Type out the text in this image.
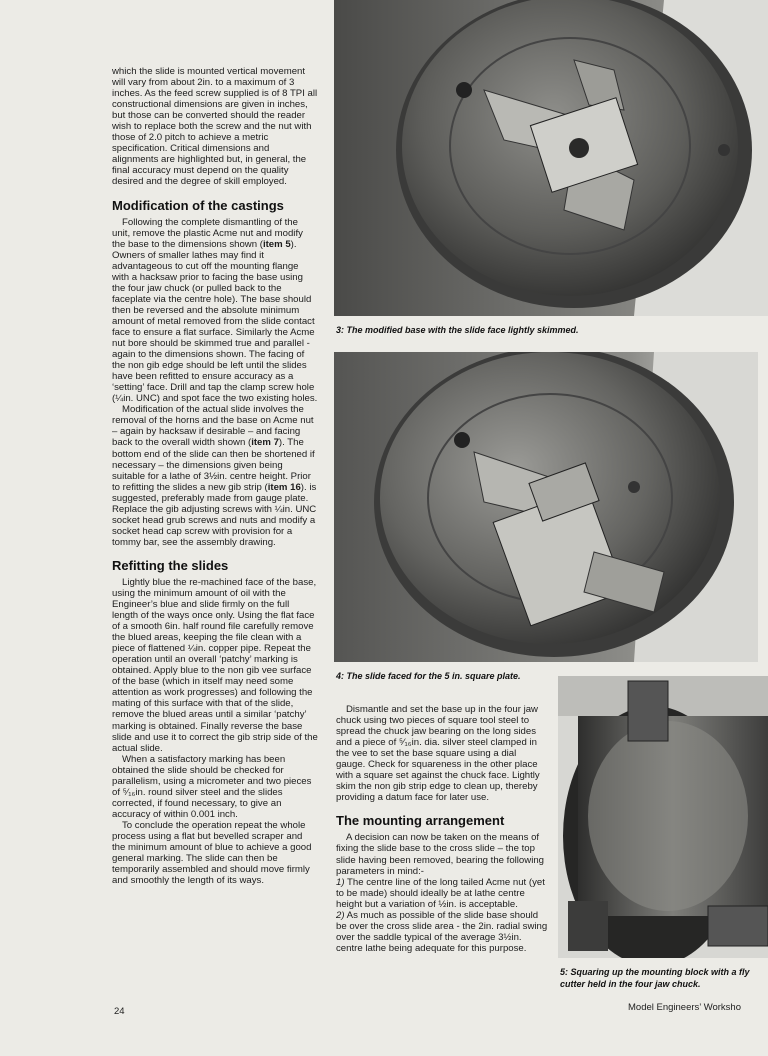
which the slide is mounted vertical movement will vary from about 2in. to a maximum of 3 inches. As the feed screw supplied is of 8 TPI all constructional dimensions are given in inches, but those can be converted should the reader wish to replace both the screw and the nut with those of 2.0 pitch to achieve a metric specification. Critical dimensions and alignments are highlighted but, in general, the final accuracy must depend on the quality desired and the degree of skill employed.

Modification of the castings

Following the complete dismantling of the unit, remove the plastic Acme nut and modify the base to the dimensions shown (item 5). Owners of smaller lathes may find it advantageous to cut off the mounting flange with a hacksaw prior to facing the base using the four jaw chuck (or pulled back to the faceplate via the centre hole). The base should then be reversed and the absolute minimum amount of metal removed from the slide contact face to ensure a flat surface. Similarly the Acme nut bore should be skimmed true and parallel - again to the dimensions shown. The facing of the non gib edge should be left until the slides have been refitted to ensure accuracy as a ‘setting’ face. Drill and tap the clamp screw hole (¼in. UNC) and spot face the two existing holes.

Modification of the actual slide involves the removal of the horns and the base on Acme nut – again by hacksaw if desirable – and facing back to the overall width shown (item 7). The bottom end of the slide can then be shortened if necessary – the dimensions given being suitable for a lathe of 3½in. centre height. Prior to refitting the slides a new gib strip (item 16). is suggested, preferably made from gauge plate. Replace the gib adjusting screws with ¼in. UNC socket head grub screws and nuts and modify a socket head cap screw with provision for a tommy bar, see the assembly drawing.

Refitting the slides

Lightly blue the re-machined face of the base, using the minimum amount of oil with the Engineer’s blue and slide firmly on the full length of the ways once only. Using the flat face of a smooth 6in. half round file carefully remove the blued areas, keeping the file clean with a piece of flattened ¼in. copper pipe. Repeat the operation until an overall ‘patchy’ marking is obtained. Apply blue to the non gib vee surface of the base (which in itself may need some attention as work progresses) and following the mating of this surface with that of the slide, remove the blued areas until a similar ‘patchy’ marking is obtained. Finally reverse the base slide and use it to correct the gib strip side of the actual slide.

When a satisfactory marking has been obtained the slide should be checked for parallelism, using a micrometer and two pieces of ⁵⁄₁₆in. round silver steel and the slides corrected, if found necessary, to give an accuracy of within 0.001 inch.

To conclude the operation repeat the whole process using a flat but bevelled scraper and the minimum amount of blue to achieve a good general marking. The slide can then be temporarily assembled and should move firmly and smoothly the length of its ways.

3: The modified base with the slide face lightly skimmed.
4: The slide faced for the 5 in. square plate.

Dismantle and set the base up in the four jaw chuck using two pieces of square tool steel to spread the chuck jaw bearing on the long sides and a piece of ⁵⁄₁₆in. dia. silver steel clamped in the vee to set the base square using a dial gauge. Check for squareness in the other place with a square set against the chuck face. Lightly skim the non gib strip edge to clean up, thereby providing a datum face for later use.

The mounting arrangement

A decision can now be taken on the means of fixing the slide base to the cross slide – the top slide having been removed, bearing the following parameters in mind:-

1) The centre line of the long tailed Acme nut (yet to be made) should ideally be at lathe centre height but a variation of ½in. is acceptable.

2) As much as possible of the slide base should be over the cross slide area - the 2in. radial swing over the saddle typical of the average 3½in. centre lathe being adequate for this purpose.

5: Squaring up the mounting block with a fly cutter held in the four jaw chuck.
24	Model Engineers’ Worksho
